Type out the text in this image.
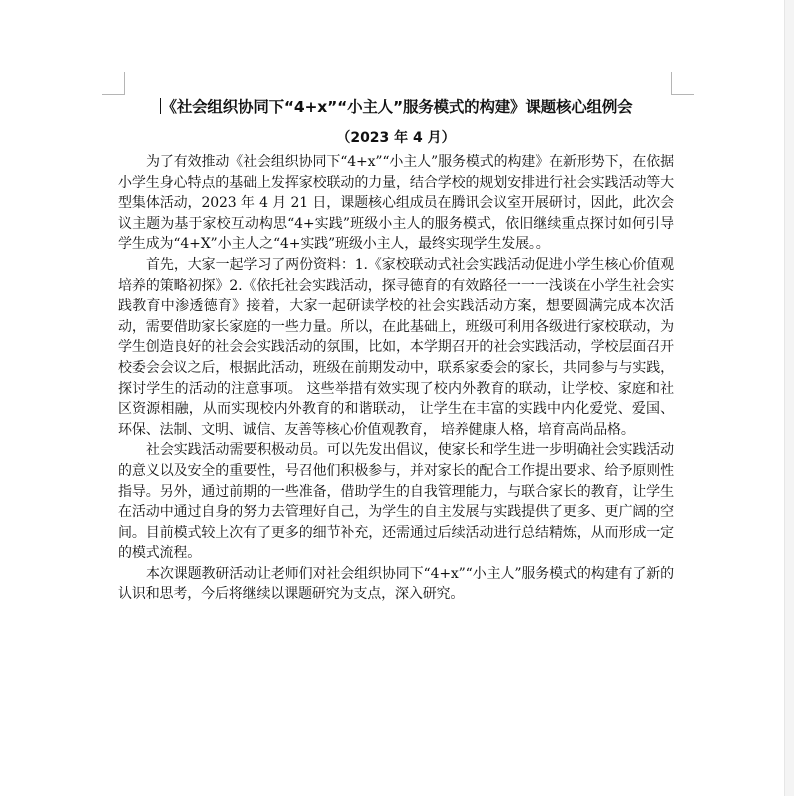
《社会组织协同下“4+x”“小主人”服务模式的构建》课题核心组例会
（2023 年 4 月）

为了有效推动《社会组织协同下“4+x”“小主人”服务模式的构建》在新形势下，在依据小学生身心特点的基础上发挥家校联动的力量，结合学校的规划安排进行社会实践活动等大型集体活动，2023 年 4 月 21 日，课题核心组成员在腾讯会议室开展研讨，因此，此次会议主题为基于家校互动构思“4+实践”班级小主人的服务模式，依旧继续重点探讨如何引导学生成为“4+X”小主人之“4+实践”班级小主人，最终实现学生发展。。

首先，大家一起学习了两份资料：1.《家校联动式社会实践活动促进小学生核心价值观培养的策略初探》2.《依托社会实践活动，探寻德育的有效路径一一一浅谈在小学生社会实践教育中渗透德育》接着，大家一起研读学校的社会实践活动方案，想要圆满完成本次活动，需要借助家长家庭的一些力量。所以，在此基础上，班级可利用各级进行家校联动，为学生创造良好的社会会实践活动的氛围，比如，本学期召开的社会实践活动，学校层面召开校委会会议之后，根据此活动，班级在前期发动中，联系家委会的家长，共同参与与实践，探讨学生的活动的注意事项。 这些举措有效实现了校内外教育的联动，让学校、家庭和社区资源相融，从而实现校内外教育的和谐联动， 让学生在丰富的实践中内化爱党、爱国、环保、法制、文明、诚信、友善等核心价值观教育， 培养健康人格，培育高尚品格。

社会实践活动需要积极动员。可以先发出倡议，使家长和学生进一步明确社会实践活动的意义以及安全的重要性，号召他们积极参与，并对家长的配合工作提出要求、给予原则性指导。另外，通过前期的一些准备，借助学生的自我管理能力，与联合家长的教育，让学生在活动中通过自身的努力去管理好自己，为学生的自主发展与实践提供了更多、更广阔的空间。目前模式较上次有了更多的细节补充，还需通过后续活动进行总结精炼，从而形成一定的模式流程。

本次课题教研活动让老师们对社会组织协同下“4+x”“小主人”服务模式的构建有了新的认识和思考，今后将继续以课题研究为支点，深入研究。
